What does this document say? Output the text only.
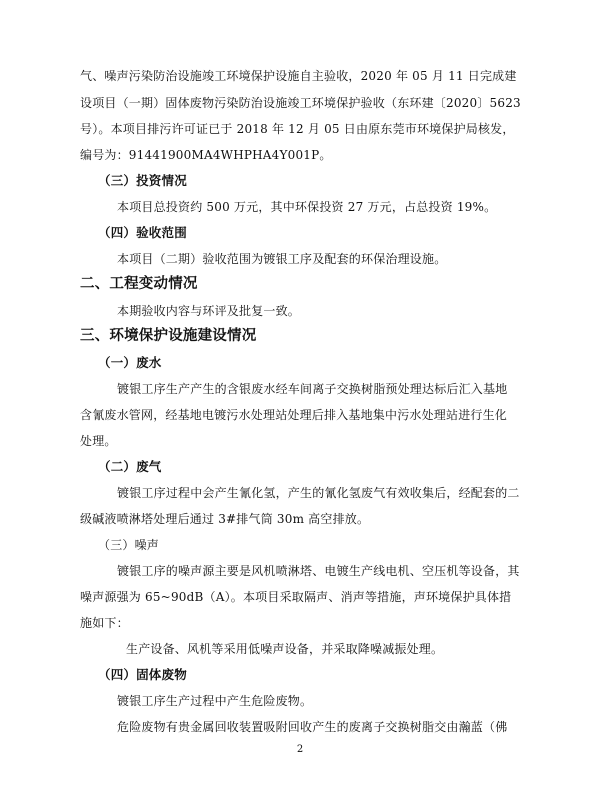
气、噪声污染防治设施竣工环境保护设施自主验收，2020 年 05 月 11 日完成建
设项目（一期）固体废物污染防治设施竣工环境保护验收（东环建〔2020〕5623
号）。本项目排污许可证已于 2018 年 12 月 05 日由原东莞市环境保护局核发，
编号为：91441900MA4WHPHA4Y001P。
（三）投资情况
本项目总投资约 500 万元，其中环保投资 27 万元，占总投资 19%。
（四）验收范围
本项目（二期）验收范围为镀银工序及配套的环保治理设施。
二、工程变动情况
本期验收内容与环评及批复一致。
三、环境保护设施建设情况
（一）废水
镀银工序生产产生的含银废水经车间离子交换树脂预处理达标后汇入基地
含氰废水管网，经基地电镀污水处理站处理后排入基地集中污水处理站进行生化
处理。
（二）废气
镀银工序过程中会产生氰化氢，产生的氰化氢废气有效收集后，经配套的二
级碱液喷淋塔处理后通过 3#排气筒 30m 高空排放。
（三）噪声
镀银工序的噪声源主要是风机喷淋塔、电镀生产线电机、空压机等设备，其
噪声源强为 65~90dB（A）。本项目采取隔声、消声等措施，声环境保护具体措
施如下：
生产设备、风机等采用低噪声设备，并采取降噪减振处理。
（四）固体废物
镀银工序生产过程中产生危险废物。
危险废物有贵金属回收装置吸附回收产生的废离子交换树脂交由瀚蓝（佛
2
